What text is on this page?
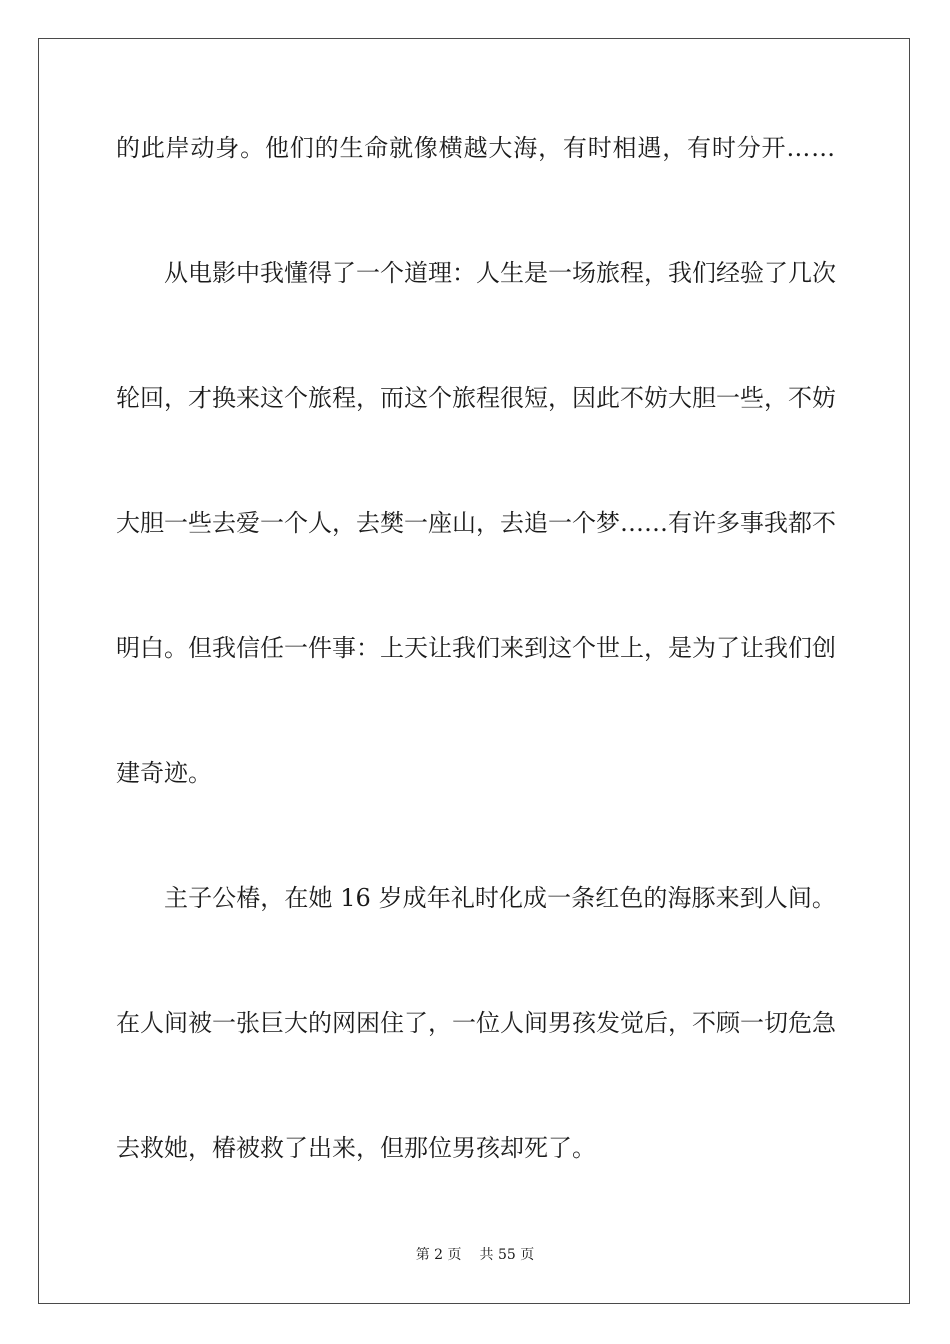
的此岸动身。他们的生命就像横越大海，有时相遇，有时分开……
从电影中我懂得了一个道理：人生是一场旅程，我们经验了几次
轮回，才换来这个旅程，而这个旅程很短，因此不妨大胆一些，不妨
大胆一些去爱一个人，去樊一座山，去追一个梦……有许多事我都不
明白。但我信任一件事：上天让我们来到这个世上，是为了让我们创
建奇迹。
主子公椿，在她 16 岁成年礼时化成一条红色的海豚来到人间。
在人间被一张巨大的网困住了，一位人间男孩发觉后，不顾一切危急
去救她，椿被救了出来，但那位男孩却死了。
第 2 页 共 55 页
